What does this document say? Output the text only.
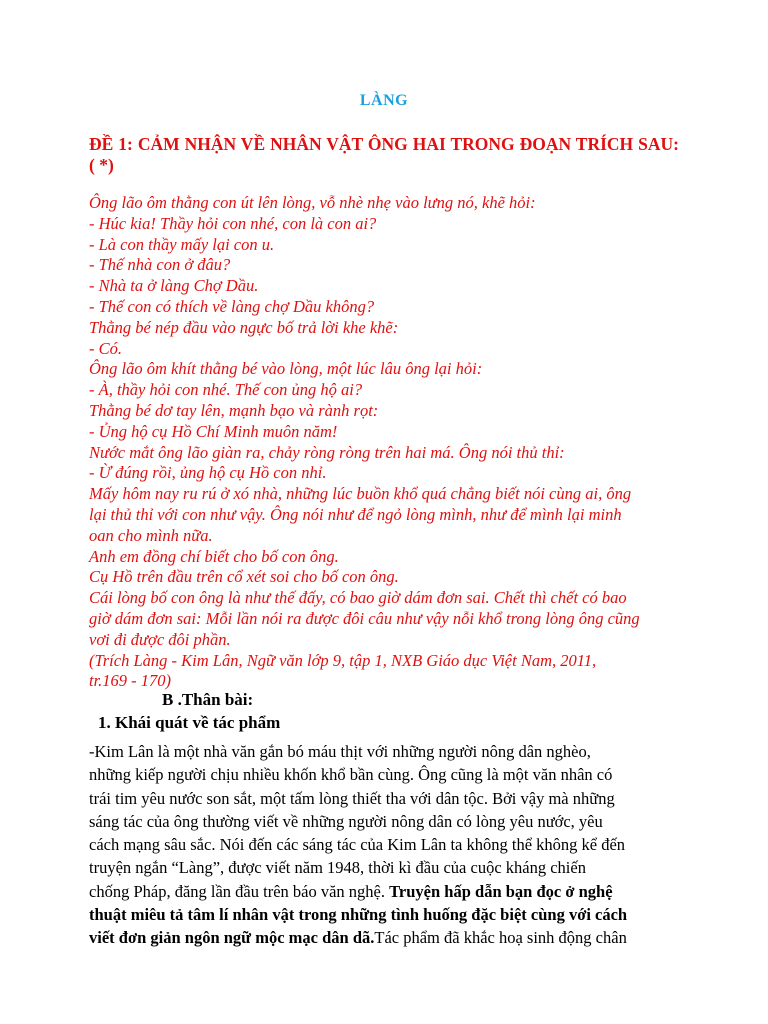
LÀNG
ĐỀ 1: CẢM NHẬN VỀ NHÂN VẬT ÔNG HAI TRONG ĐOẠN TRÍCH SAU: ( *)
Ông lão ôm thằng con út lên lòng, vỗ nhè nhẹ vào lưng nó, khẽ hỏi:
- Húc kia! Thầy hỏi con nhé, con là con ai?
- Là con thầy mấy lại con u.
- Thế nhà con ở đâu?
- Nhà ta ở làng Chợ Dầu.
- Thế con có thích về làng chợ Dầu không?
Thằng bé nép đầu vào ngực bố trả lời khe khẽ:
- Có.
Ông lão ôm khít thằng bé vào lòng, một lúc lâu ông lại hỏi:
- À, thầy hỏi con nhé. Thế con ủng hộ ai?
Thằng bé dơ tay lên, mạnh bạo và rành rọt:
- Ủng hộ cụ Hồ Chí Minh muôn năm!
Nước mắt ông lão giàn ra, chảy ròng ròng trên hai má. Ông nói thủ thỉ:
- Ừ đúng rồi, ủng hộ cụ Hồ con nhỉ.
Mấy hôm nay ru rú ở xó nhà, những lúc buồn khổ quá chẳng biết nói cùng ai, ông
lại thủ thỉ với con như vậy. Ông nói như để ngỏ lòng mình, như để mình lại minh
oan cho mình nữa.
Anh em đồng chí biết cho bố con ông.
Cụ Hồ trên đầu trên cổ xét soi cho bố con ông.
Cái lòng bố con ông là như thế đấy, có bao giờ dám đơn sai. Chết thì chết có bao
giờ dám đơn sai: Mỗi lần nói ra được đôi câu như vậy nỗi khổ trong lòng ông cũng
vơi đi được đôi phần.
(Trích Làng - Kim Lân, Ngữ văn lớp 9, tập 1, NXB Giáo dục Việt Nam, 2011,
tr.169 - 170)
B .Thân bài:
1. Khái quát về tác phẩm
-Kim Lân là một nhà văn gắn bó máu thịt với những người nông dân nghèo,
những kiếp người chịu nhiều khốn khổ bần cùng. Ông cũng là một văn nhân có
trái tim yêu nước son sắt, một tấm lòng thiết tha với dân tộc. Bởi vậy mà những
sáng tác của ông thường viết về những người nông dân có lòng yêu nước, yêu
cách mạng sâu sắc. Nói đến các sáng tác của Kim Lân ta không thể không kể đến
truyện ngắn “Làng”, được viết năm 1948, thời kì đầu của cuộc kháng chiến
chống Pháp, đăng lần đầu trên báo văn nghệ. Truyện hấp dẫn bạn đọc ở nghệ
thuật miêu tả tâm lí nhân vật trong những tình huống đặc biệt cùng với cách
viết đơn giản ngôn ngữ mộc mạc dân dã.Tác phẩm đã khắc hoạ sinh động chân
